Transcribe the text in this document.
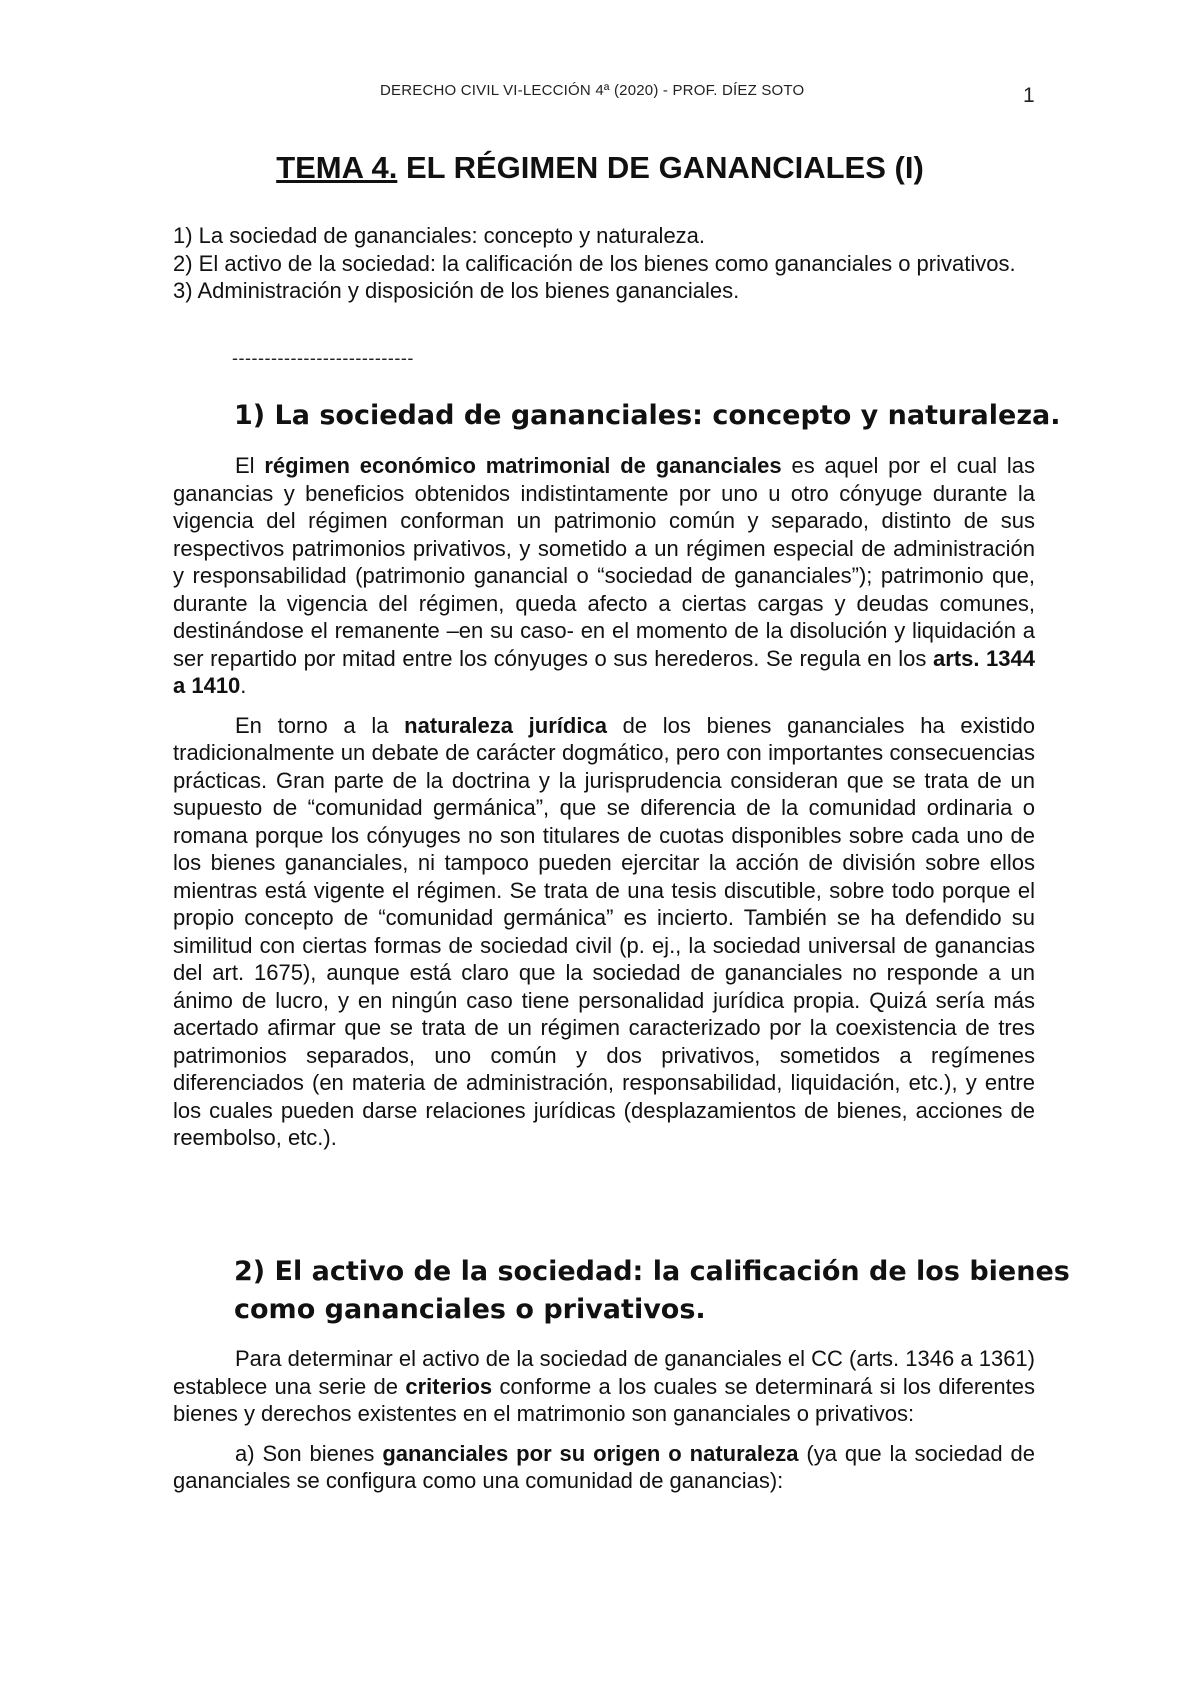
DERECHO CIVIL VI-LECCIÓN 4ª (2020) - PROF. DÍEZ SOTO	1
TEMA 4. EL RÉGIMEN DE GANANCIALES (I)
1) La sociedad de gananciales: concepto y naturaleza.
2) El activo de la sociedad: la calificación de los bienes como gananciales o privativos.
3) Administración y disposición de los bienes gananciales.
----------------------------
1) La sociedad de gananciales: concepto y naturaleza.

El régimen económico matrimonial de gananciales es aquel por el cual las ganancias y beneficios obtenidos indistintamente por uno u otro cónyuge durante la vigencia del régimen conforman un patrimonio común y separado, distinto de sus respectivos patrimonios privativos, y sometido a un régimen especial de administración y responsabilidad (patrimonio ganancial o “sociedad de gananciales”); patrimonio que, durante la vigencia del régimen, queda afecto a ciertas cargas y deudas comunes, destinándose el remanente –en su caso- en el momento de la disolución y liquidación a ser repartido por mitad entre los cónyuges o sus herederos. Se regula en los arts. 1344 a 1410.

En torno a la naturaleza jurídica de los bienes gananciales ha existido tradicionalmente un debate de carácter dogmático, pero con importantes consecuencias prácticas. Gran parte de la doctrina y la jurisprudencia consideran que se trata de un supuesto de “comunidad germánica”, que se diferencia de la comunidad ordinaria o romana porque los cónyuges no son titulares de cuotas disponibles sobre cada uno de los bienes gananciales, ni tampoco pueden ejercitar la acción de división sobre ellos mientras está vigente el régimen. Se trata de una tesis discutible, sobre todo porque el propio concepto de “comunidad germánica” es incierto. También se ha defendido su similitud con ciertas formas de sociedad civil (p. ej., la sociedad universal de ganancias del art. 1675), aunque está claro que la sociedad de gananciales no responde a un ánimo de lucro, y en ningún caso tiene personalidad jurídica propia. Quizá sería más acertado afirmar que se trata de un régimen caracterizado por la coexistencia de tres patrimonios separados, uno común y dos privativos, sometidos a regímenes diferenciados (en materia de administración, responsabilidad, liquidación, etc.), y entre los cuales pueden darse relaciones jurídicas (desplazamientos de bienes, acciones de reembolso, etc.).

2) El activo de la sociedad: la calificación de los bienes como gananciales o privativos.

Para determinar el activo de la sociedad de gananciales el CC (arts. 1346 a 1361) establece una serie de criterios conforme a los cuales se determinará si los diferentes bienes y derechos existentes en el matrimonio son gananciales o privativos:

a) Son bienes gananciales por su origen o naturaleza (ya que la sociedad de gananciales se configura como una comunidad de ganancias):
